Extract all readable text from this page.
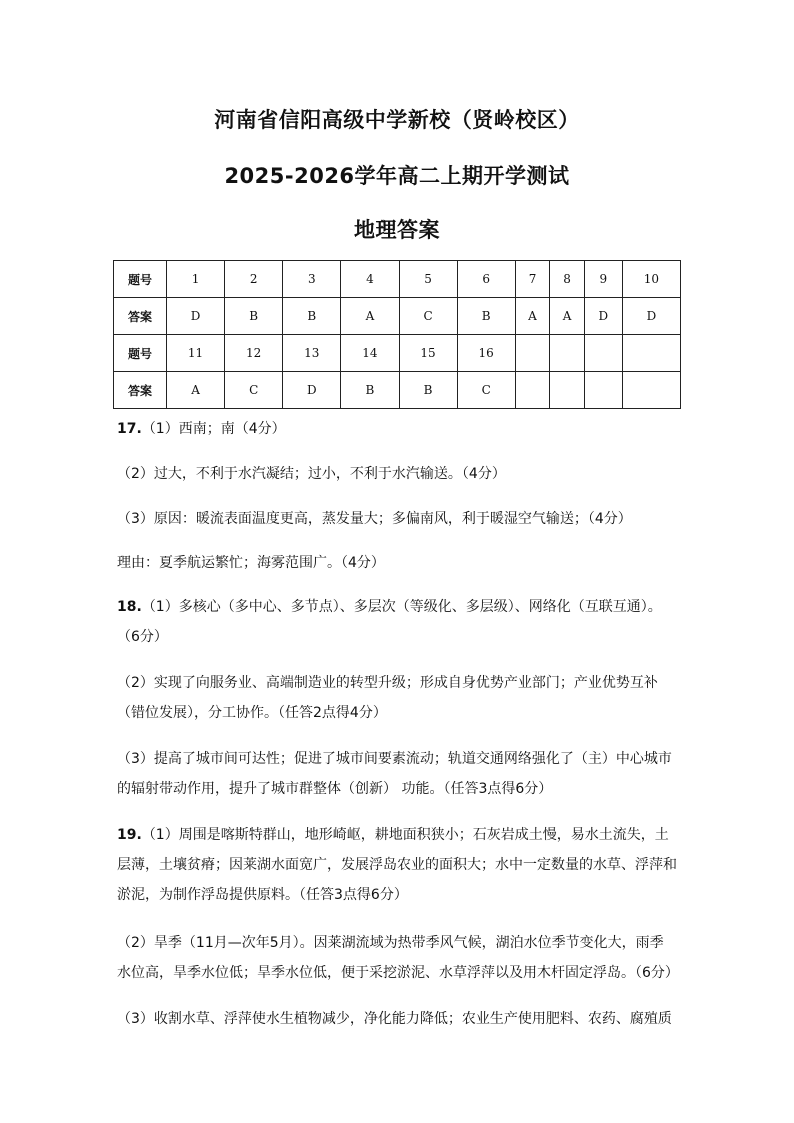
河南省信阳高级中学新校（贤岭校区）
2025-2026学年高二上期开学测试
地理答案
题号	1	2	3	4	5	6	7	8	9	10
答案	D	B	B	A	C	B	A	A	D	D
题号	11	12	13	14	15	16				
答案	A	C	D	B	B	C				
17.（1）西南；南（4分）
（2）过大，不利于水汽凝结；过小，不利于水汽输送。（4分）
（3）原因：暖流表面温度更高，蒸发量大；多偏南风，利于暖湿空气输送；（4分）
理由：夏季航运繁忙；海雾范围广。（4分）
18.（1）多核心（多中心、多节点）、多层次（等级化、多层级）、网络化（互联互通）。（6分）
（2）实现了向服务业、高端制造业的转型升级；形成自身优势产业部门；产业优势互补（错位发展），分工协作。（任答2点得4分）
（3）提高了城市间可达性；促进了城市间要素流动；轨道交通网络强化了（主）中心城市的辐射带动作用，提升了城市群整体（创新） 功能。（任答3点得6分）
19.（1）周围是喀斯特群山，地形崎岖，耕地面积狭小；石灰岩成土慢，易水土流失，土层薄，土壤贫瘠；因莱湖水面宽广，发展浮岛农业的面积大；水中一定数量的水草、浮萍和淤泥，为制作浮岛提供原料。（任答3点得6分）
（2）旱季（11月—次年5月）。因莱湖流域为热带季风气候，湖泊水位季节变化大，雨季水位高，旱季水位低；旱季水位低，便于采挖淤泥、水草浮萍以及用木杆固定浮岛。（6分）
（3）收割水草、浮萍使水生植物减少，净化能力降低；农业生产使用肥料、农药、腐殖质
